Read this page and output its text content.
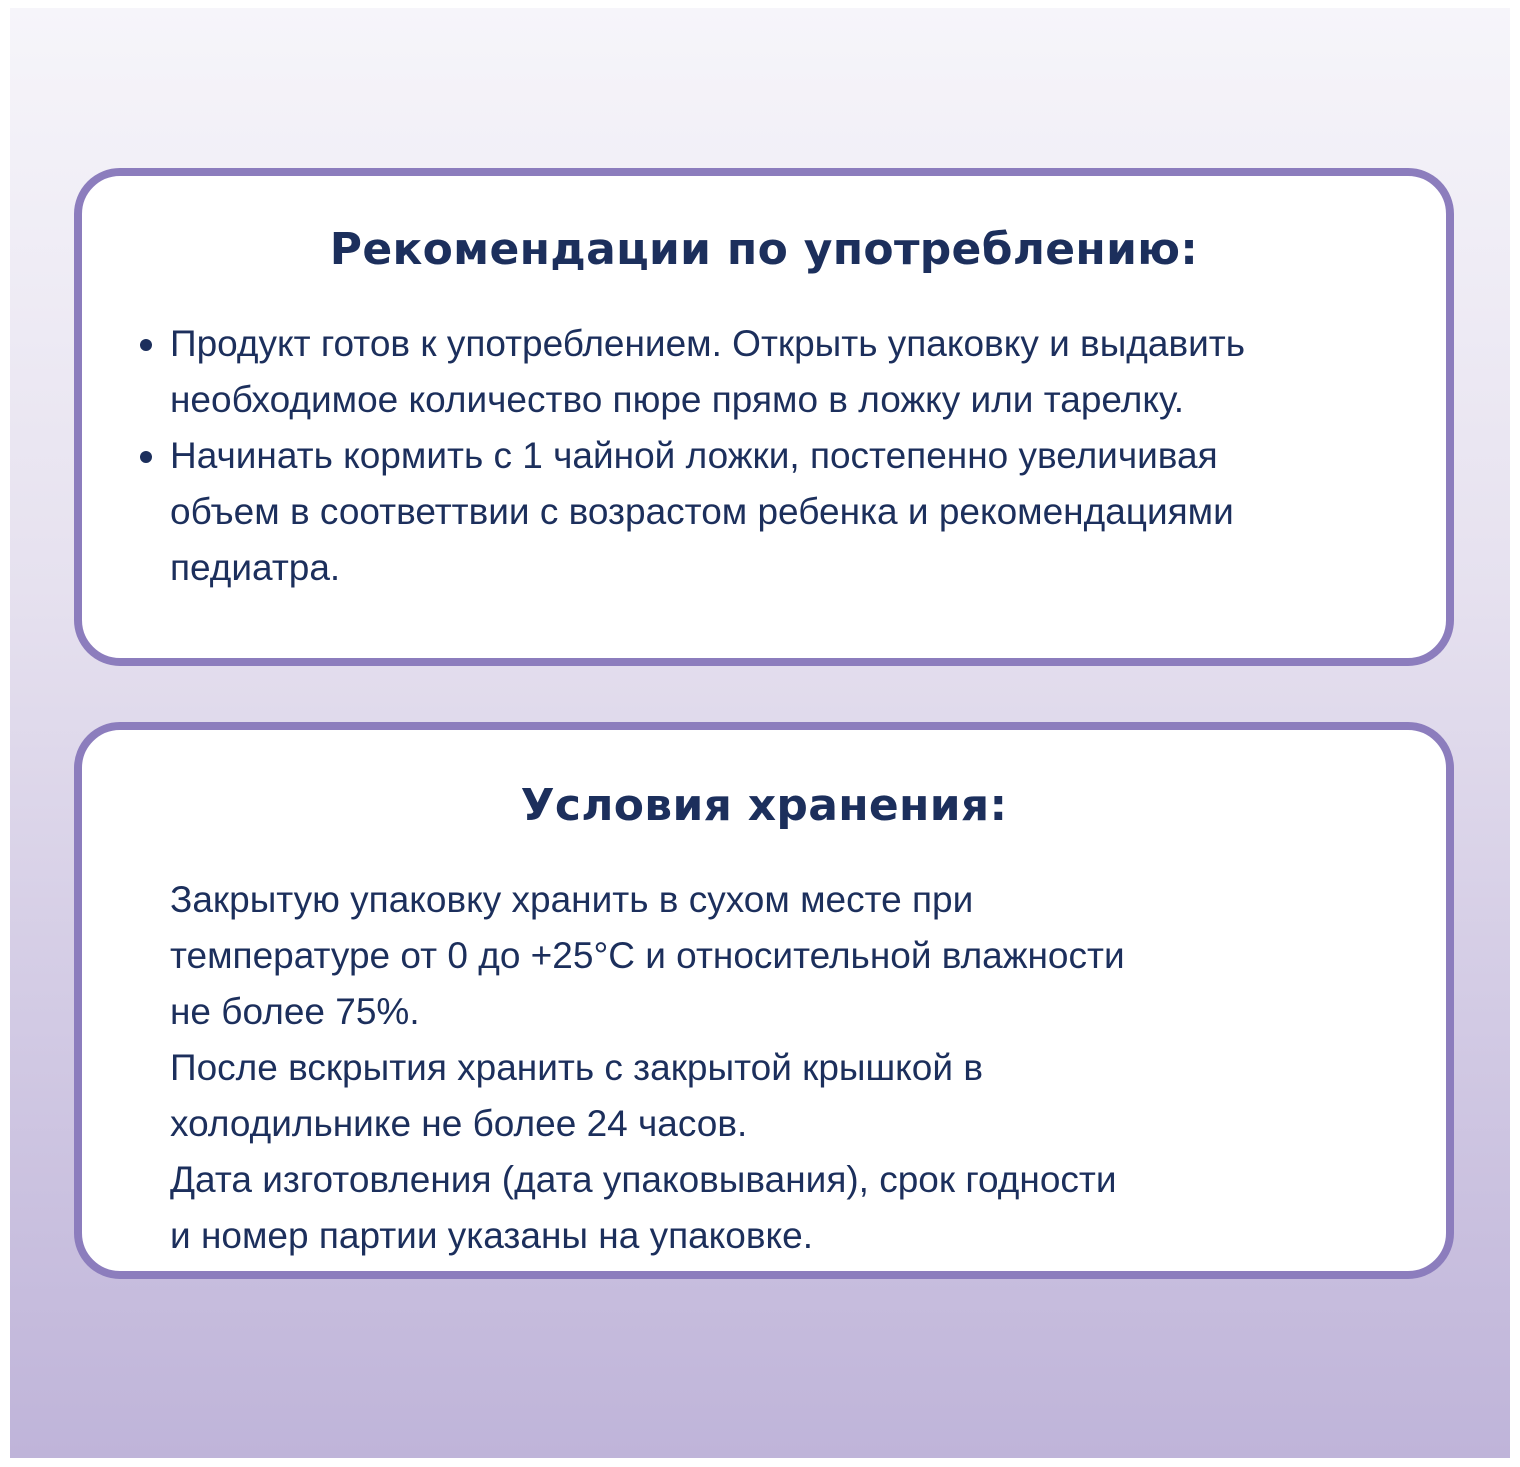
Рекомендации по употреблению:
Продукт готов к употреблением. Открыть упаковку и выдавить необходимое количество пюре прямо в ложку или тарелку.
Начинать кормить с 1 чайной ложки, постепенно увеличивая объем в соответтвии с возрастом ребенка и рекомендациями педиатра.
Условия хранения:
Закрытую упаковку хранить в сухом месте при
температуре от 0 до +25°С и относительной влажности
не более 75%.
После вскрытия хранить с закрытой крышкой в
холодильнике не более 24 часов.
Дата изготовления (дата упаковывания), срок годности
и номер партии указаны на упаковке.
